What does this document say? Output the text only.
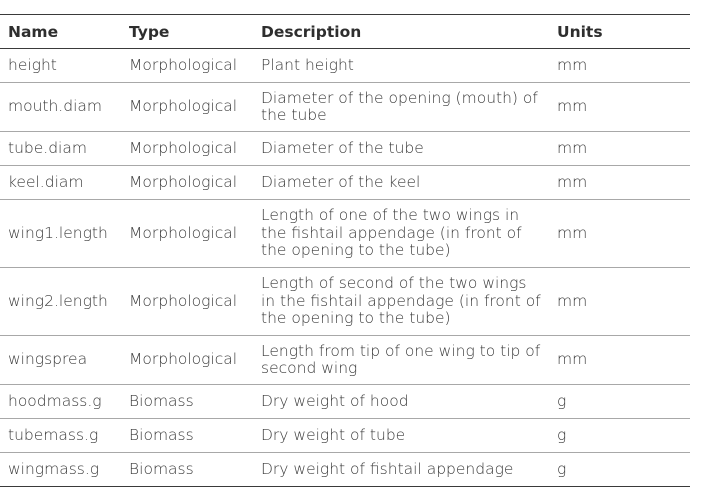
Name	Type	Description	Units
height	Morphological	Plant height	mm
mouth.diam	Morphological	Diameter of the opening (mouth) of the tube	mm
tube.diam	Morphological	Diameter of the tube	mm
keel.diam	Morphological	Diameter of the keel	mm
wing1.length	Morphological	Length of one of the two wings in the fishtail appendage (in front of the opening to the tube)	mm
wing2.length	Morphological	Length of second of the two wings in the fishtail appendage (in front of the opening to the tube)	mm
wingsprea	Morphological	Length from tip of one wing to tip of second wing	mm
hoodmass.g	Biomass	Dry weight of hood	g
tubemass.g	Biomass	Dry weight of tube	g
wingmass.g	Biomass	Dry weight of fishtail appendage	g
